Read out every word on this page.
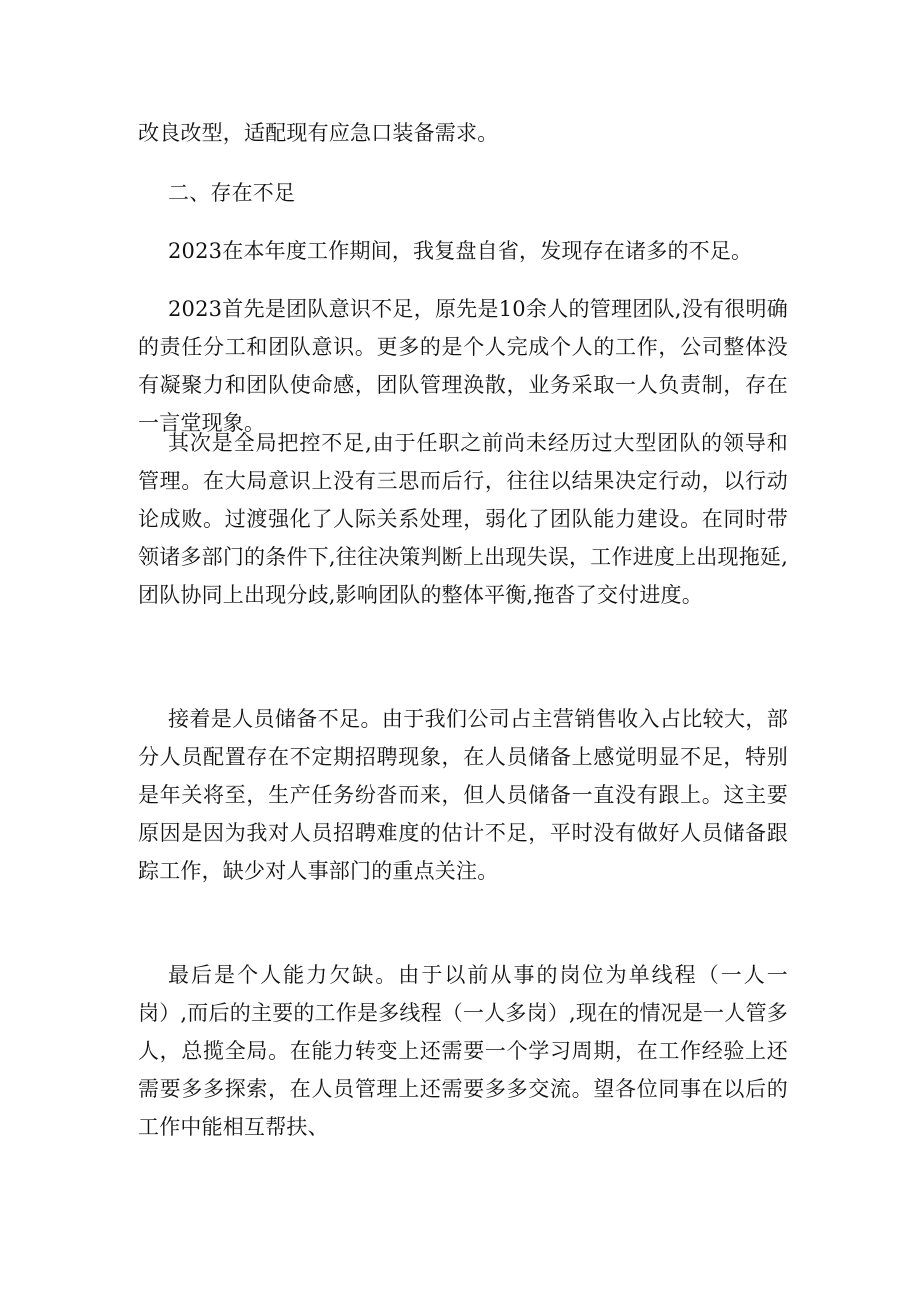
改良改型，适配现有应急口装备需求。

二、存在不足

2023在本年度工作期间，我复盘自省，发现存在诸多的不足。

2023首先是团队意识不足，原先是10余人的管理团队,没有很明确的责任分工和团队意识。更多的是个人完成个人的工作，公司整体没有凝聚力和团队使命感，团队管理涣散，业务采取一人负责制，存在一言堂现象。

其次是全局把控不足,由于任职之前尚未经历过大型团队的领导和管理。在大局意识上没有三思而后行，往往以结果决定行动，以行动论成败。过渡强化了人际关系处理，弱化了团队能力建设。在同时带领诸多部门的条件下,往往决策判断上出现失误，工作进度上出现拖延,团队协同上出现分歧,影响团队的整体平衡,拖沓了交付进度。

接着是人员储备不足。由于我们公司占主营销售收入占比较大，部分人员配置存在不定期招聘现象，在人员储备上感觉明显不足，特别是年关将至，生产任务纷沓而来，但人员储备一直没有跟上。这主要原因是因为我对人员招聘难度的估计不足，平时没有做好人员储备跟踪工作，缺少对人事部门的重点关注。

最后是个人能力欠缺。由于以前从事的岗位为单线程（一人一岗）,而后的主要的工作是多线程（一人多岗）,现在的情况是一人管多人，总揽全局。在能力转变上还需要一个学习周期，在工作经验上还需要多多探索，在人员管理上还需要多多交流。望各位同事在以后的工作中能相互帮扶、
